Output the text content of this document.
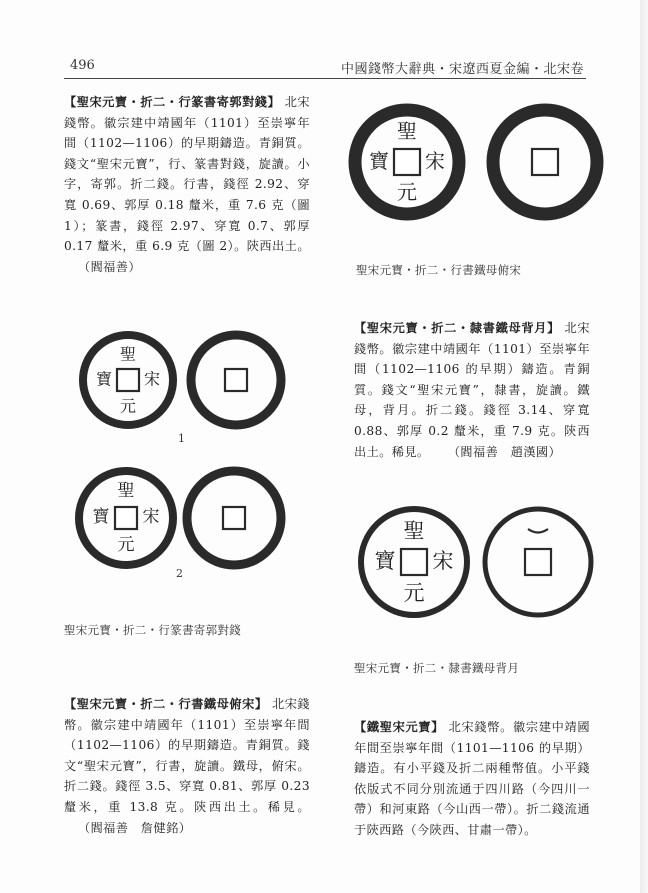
496	中國錢幣大辭典・宋遼西夏金編・北宋卷
【聖宋元寶・折二・行篆書寄郭對錢】 北宋錢幣。徽宗建中靖國年（1101）至崇寧年間（1102—1106）的早期鑄造。青銅質。錢文“聖宋元寶”，行、篆書對錢，旋讀。小字，寄郭。折二錢。行書，錢徑 2.92、穿寬 0.69、郭厚 0.18 釐米，重 7.6 克（圖 1）；篆書，錢徑 2.97、穿寬 0.7、郭厚 0.17 釐米，重 6.9 克（圖 2）。陝西出土。 （閻福善）
聖
宋
元
寶
聖宋元寶・折二・行書鐵母俯宋
聖
宋
元
寶
1
聖
宋
元
寶
2
聖宋元寶・折二・行篆書寄郭對錢
【聖宋元寶・折二・隸書鐵母背月】 北宋錢幣。徽宗建中靖國年（1101）至崇寧年間（1102—1106 的早期）鑄造。青銅質。錢文“聖宋元寶”，隸書，旋讀。鐵母，背月。折二錢。錢徑 3.14、穿寬 0.88、郭厚 0.2 釐米，重 7.9 克。陝西出土。稀見。 （閻福善　趙漢國）
聖
宋
元
寶
聖宋元寶・折二・隸書鐵母背月
【聖宋元寶・折二・行書鐵母俯宋】 北宋錢幣。徽宗建中靖國年（1101）至崇寧年間（1102—1106）的早期鑄造。青銅質。錢文“聖宋元寶”，行書，旋讀。鐵母，俯宋。折二錢。錢徑 3.5、穿寬 0.81、郭厚 0.23 釐米，重 13.8 克。陝西出土。稀見。 （閻福善　詹健銘）
【鐵聖宋元寶】 北宋錢幣。徽宗建中靖國年間至崇寧年間（1101—1106 的早期）鑄造。有小平錢及折二兩種幣值。小平錢依版式不同分別流通于四川路（今四川一帶）和河東路（今山西一帶）。折二錢流通于陝西路（今陝西、甘肅一帶）。
